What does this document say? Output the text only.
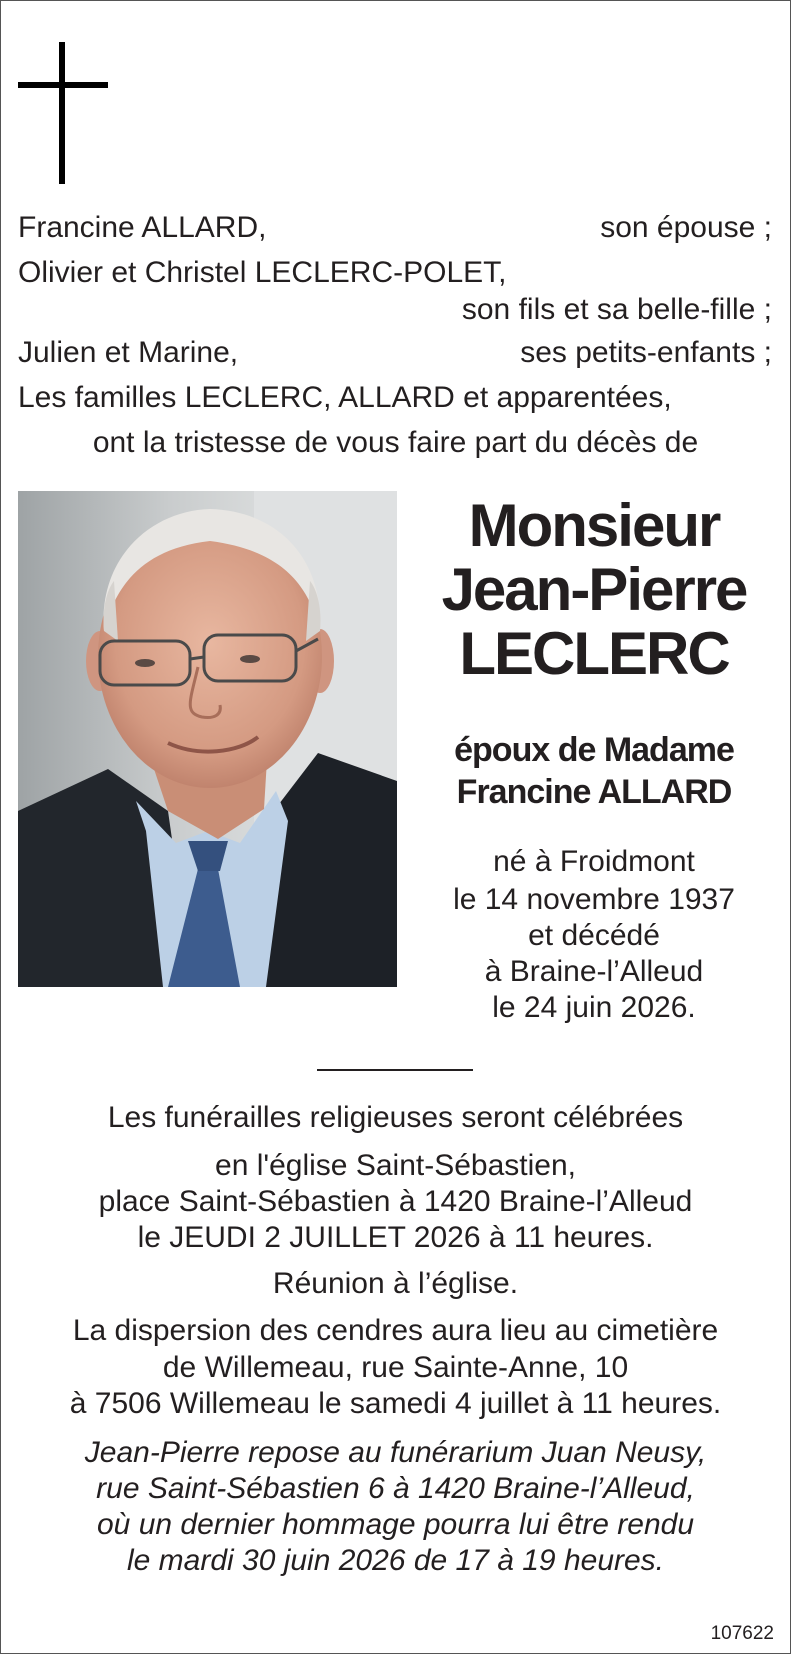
Francine ALLARD,	son épouse ;
Olivier et Christel LECLERC-POLET,
son fils et sa belle-fille ;
Julien et Marine,	ses petits-enfants ;
Les familles LECLERC, ALLARD et apparentées,
ont la tristesse de vous faire part du décès de
Monsieur
Jean-Pierre
LECLERC
époux de Madame
Francine ALLARD
né à Froidmont
le 14 novembre 1937
et décédé
à Braine-l’Alleud
le 24 juin 2026.
Les funérailles religieuses seront célébrées
en l'église Saint-Sébastien,
place Saint-Sébastien à 1420 Braine-l’Alleud
le JEUDI 2 JUILLET 2026 à 11 heures.
Réunion à l’église.
La dispersion des cendres aura lieu au cimetière
de Willemeau, rue Sainte-Anne, 10
à 7506 Willemeau le samedi 4 juillet à 11 heures.
Jean-Pierre repose au funérarium Juan Neusy,
rue Saint-Sébastien 6 à 1420 Braine-l’Alleud,
où un dernier hommage pourra lui être rendu
le mardi 30 juin 2026 de 17 à 19 heures.
107622
